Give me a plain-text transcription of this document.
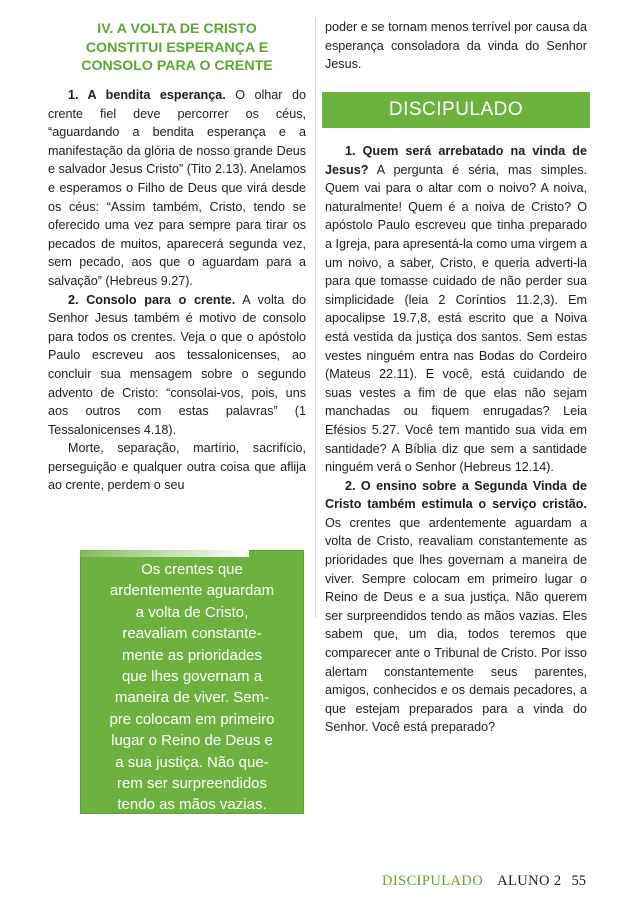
IV. A VOLTA DE CRISTO
CONSTITUI ESPERANÇA E
CONSOLO PARA O CRENTE

1. A bendita esperança. O olhar do crente fiel deve percorrer os céus, “aguardando a bendita esperança e a manifestação da glória de nosso grande Deus e salvador Jesus Cristo” (Tito 2.13). Anelamos e esperamos o Filho de Deus que virá desde os céus: “Assim também, Cristo, tendo se oferecido uma vez para sempre para tirar os pecados de muitos, aparecerá segunda vez, sem pecado, aos que o aguardam para a salvação” (Hebreus 9.27).

2. Consolo para o crente. A volta do Senhor Jesus também é motivo de consolo para todos os crentes. Veja o que o apóstolo Paulo escreveu aos tessalonicenses, ao concluir sua mensagem sobre o segundo advento de Cristo: “consolai-vos, pois, uns aos outros com estas palavras” (1 Tessalonicenses 4.18).

Morte, separação, martírio, sacrifício, perseguição e qualquer outra coisa que aflija ao crente, perdem o seu

Os crentes que
ardentemente aguardam
a volta de Cristo,
reavaliam constante-
mente as prioridades
que lhes governam a
maneira de viver. Sem-
pre colocam em primeiro
lugar o Reino de Deus e
a sua justiça. Não que-
rem ser surpreendidos
tendo as mãos vazias.

poder e se tornam menos terrível por causa da esperança consoladora da vinda do Senhor Jesus.

DISCIPULADO

1. Quem será arrebatado na vinda de Jesus? A pergunta é séria, mas simples. Quem vai para o altar com o noivo? A noiva, naturalmente! Quem é a noiva de Cristo? O apóstolo Paulo escreveu que tinha preparado a Igreja, para apresentá-la como uma virgem a um noivo, a saber, Cristo, e queria adverti-la para que tomasse cuidado de não perder sua simplicidade (leia 2 Coríntios 11.2,3). Em apocalipse 19.7,8, está escrito que a Noiva está vestida da justiça dos santos. Sem estas vestes ninguém entra nas Bodas do Cordeiro (Mateus 22.11). E você, está cuidando de suas vestes a fim de que elas não sejam manchadas ou fiquem enrugadas? Leia Efésios 5.27. Você tem mantido sua vida em santidade? A Bíblia diz que sem a santidade ninguém verá o Senhor (Hebreus 12.14).

2. O ensino sobre a Segunda Vinda de Cristo também estimula o serviço cristão. Os crentes que ardentemente aguardam a volta de Cristo, reavaliam constantemente as prioridades que lhes governam a maneira de viver. Sempre colocam em primeiro lugar o Reino de Deus e a sua justiça. Não querem ser surpreendidos tendo as mãos vazias. Eles sabem que, um dia, todos teremos que comparecer ante o Tribunal de Cristo. Por isso alertam constantemente seus parentes, amigos, conhecidos e os demais pecadores, a que estejam preparados para a vinda do Senhor. Você está preparado?

DISCIPULADO ALUNO 2 55
